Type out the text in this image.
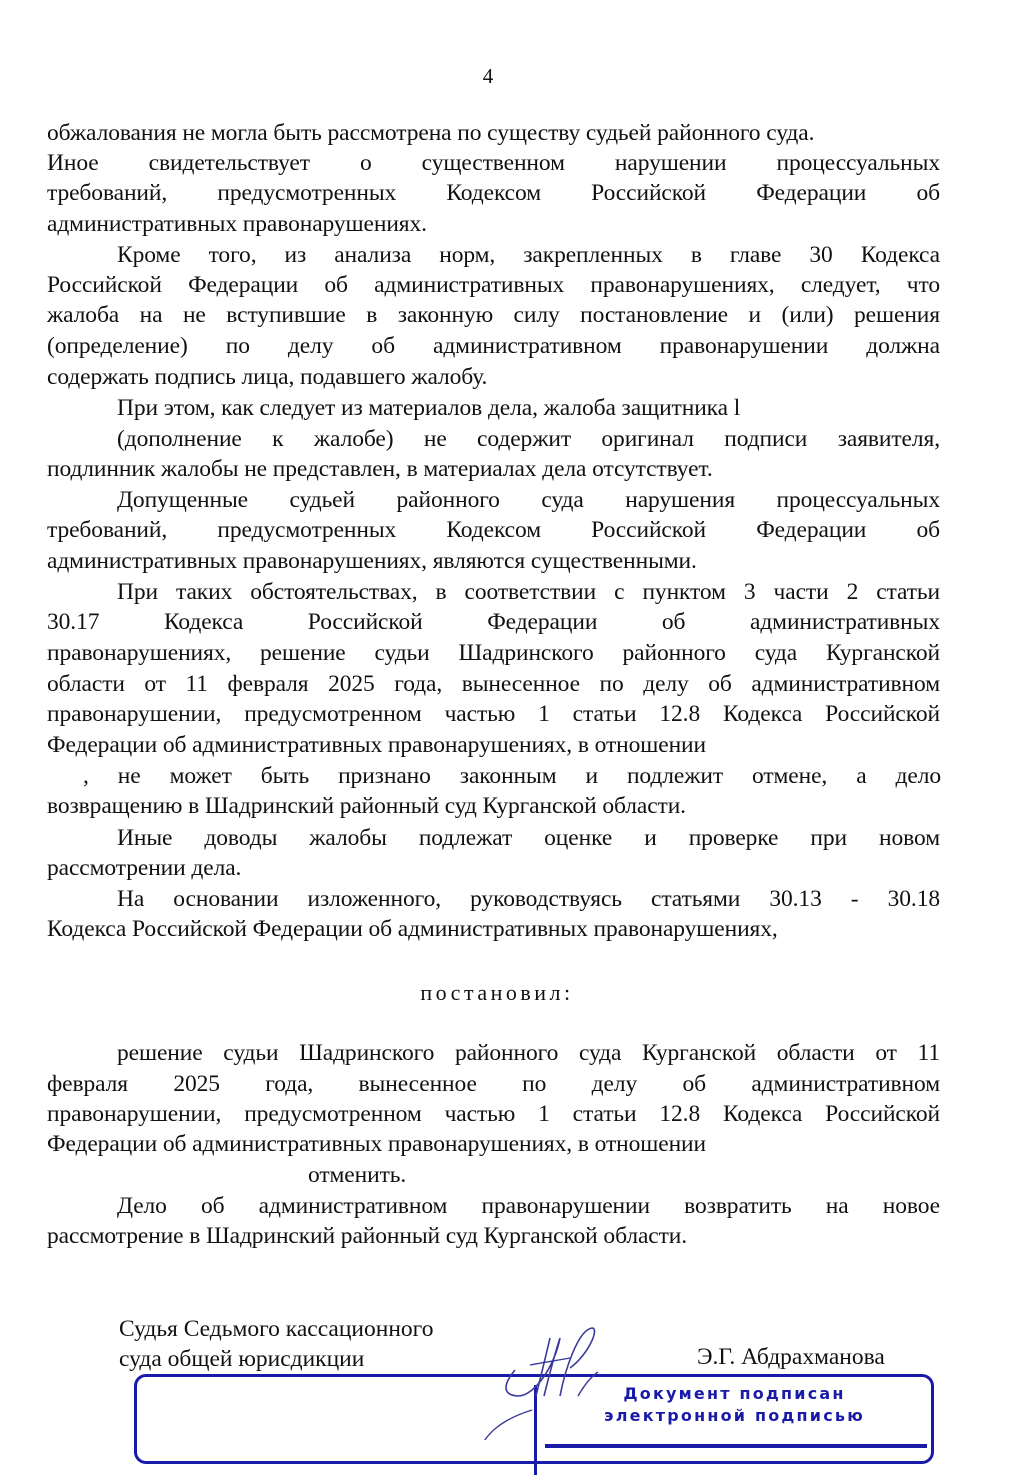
4
обжалования не могла быть рассмотрена по существу судьей районного суда.
Иное свидетельствует о существенном нарушении процессуальных
требований, предусмотренных Кодексом Российской Федерации об
административных правонарушениях.
Кроме того, из анализа норм, закрепленных в главе 30 Кодекса
Российской Федерации об административных правонарушениях, следует, что
жалоба на не вступившие в законную силу постановление и (или) решения
(определение) по делу об административном правонарушении должна
содержать подпись лица, подавшего жалобу.
При этом, как следует из материалов дела, жалоба защитника l
(дополнение к жалобе) не содержит оригинал подписи заявителя,
подлинник жалобы не представлен, в материалах дела отсутствует.
Допущенные судьей районного суда нарушения процессуальных
требований, предусмотренных Кодексом Российской Федерации об
административных правонарушениях, являются существенными.
При таких обстоятельствах, в соответствии с пунктом 3 части 2 статьи
30.17 Кодекса Российской Федерации об административных
правонарушениях, решение судьи Шадринского районного суда Курганской
области от 11 февраля 2025 года, вынесенное по делу об административном
правонарушении, предусмотренном частью 1 статьи 12.8 Кодекса Российской
Федерации об административных правонарушениях, в отношении
, не может быть признано законным и подлежит отмене, а дело
возвращению в Шадринский районный суд Курганской области.
Иные доводы жалобы подлежат оценке и проверке при новом
рассмотрении дела.
На основании изложенного, руководствуясь статьями 30.13 - 30.18
Кодекса Российской Федерации об административных правонарушениях,
постановил:
решение судьи Шадринского районного суда Курганской области от 11
февраля 2025 года, вынесенное по делу об административном
правонарушении, предусмотренном частью 1 статьи 12.8 Кодекса Российской
Федерации об административных правонарушениях, в отношении
отменить.
Дело об административном правонарушении возвратить на новое
рассмотрение в Шадринский районный суд Курганской области.
Судья Седьмого кассационного
суда общей юрисдикции	Э.Г. Абдрахманова
Документ подписан
электронной подписью
